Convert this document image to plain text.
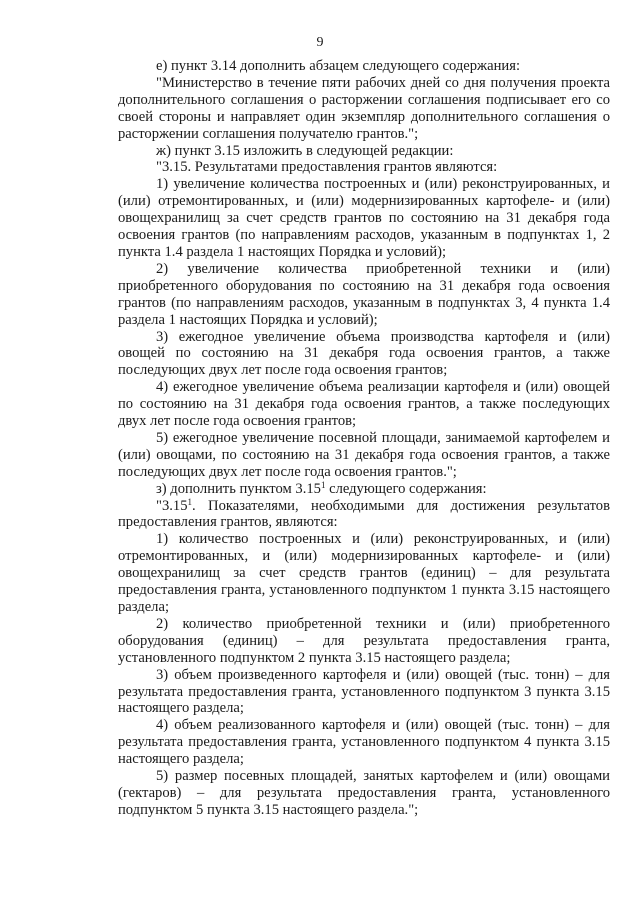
9

е) пункт 3.14 дополнить абзацем следующего содержания:

"Министерство в течение пяти рабочих дней со дня получения проекта дополнительного соглашения о расторжении соглашения подписывает его со своей стороны и направляет один экземпляр дополнительного соглашения о расторжении соглашения получателю грантов.";

ж) пункт 3.15 изложить в следующей редакции:

"3.15. Результатами предоставления грантов являются:

1) увеличение количества построенных и (или) реконструированных, и (или) отремонтированных, и (или) модернизированных картофеле- и (или) овощехранилищ за счет средств грантов по состоянию на 31 декабря года освоения грантов (по направлениям расходов, указанным в подпунктах 1, 2 пункта 1.4 раздела 1 настоящих Порядка и условий);

2) увеличение количества приобретенной техники и (или) приобретенного оборудования по состоянию на 31 декабря года освоения грантов (по направлениям расходов, указанным в подпунктах 3, 4 пункта 1.4 раздела 1 настоящих Порядка и условий);

3) ежегодное увеличение объема производства картофеля и (или) овощей по состоянию на 31 декабря года освоения грантов, а также последующих двух лет после года освоения грантов;

4) ежегодное увеличение объема реализации картофеля и (или) овощей по состоянию на 31 декабря года освоения грантов, а также последующих двух лет после года освоения грантов;

5) ежегодное увеличение посевной площади, занимаемой картофелем и (или) овощами, по состоянию на 31 декабря года освоения грантов, а также последующих двух лет после года освоения грантов.";

з) дополнить пунктом 3.15$^1$ следующего содержания:

"3.15$^1$. Показателями, необходимыми для достижения результатов предоставления грантов, являются:

1) количество построенных и (или) реконструированных, и (или) отремонтированных, и (или) модернизированных картофеле- и (или) овощехранилищ за счет средств грантов (единиц) – для результата предоставления гранта, установленного подпунктом 1 пункта 3.15 настоящего раздела;

2) количество приобретенной техники и (или) приобретенного оборудования (единиц) – для результата предоставления гранта, установленного подпунктом 2 пункта 3.15 настоящего раздела;

3) объем произведенного картофеля и (или) овощей (тыс. тонн) – для результата предоставления гранта, установленного подпунктом 3 пункта 3.15 настоящего раздела;

4) объем реализованного картофеля и (или) овощей (тыс. тонн) – для результата предоставления гранта, установленного подпунктом 4 пункта 3.15 настоящего раздела;

5) размер посевных площадей, занятых картофелем и (или) овощами (гектаров) – для результата предоставления гранта, установленного подпунктом 5 пункта 3.15 настоящего раздела.";
